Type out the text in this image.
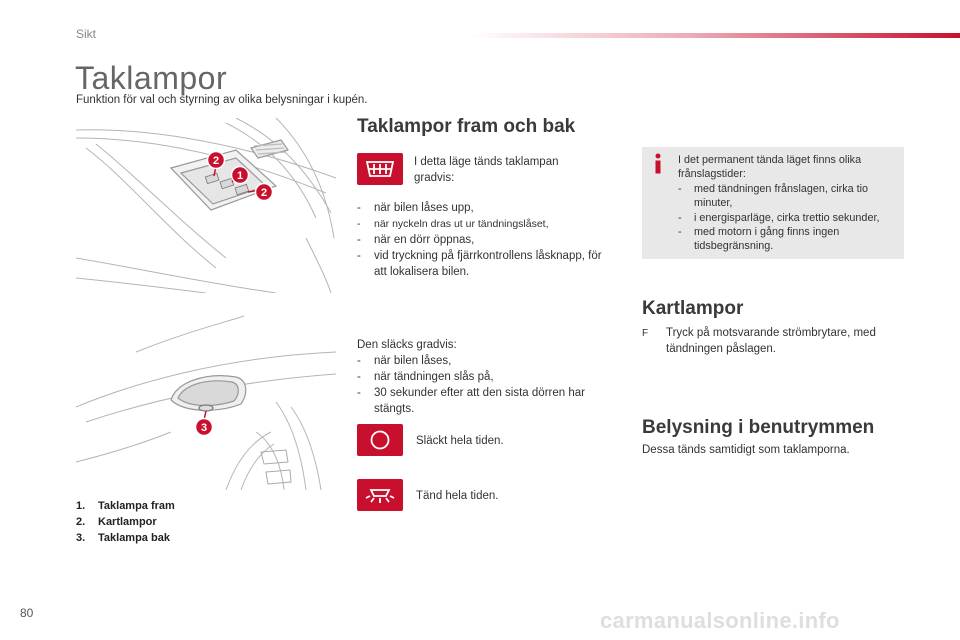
Sikt
Taklampor
Funktion för val och styrning av olika belysningar i kupén.
2
1
2
3
1.	Taklampa fram
2.	Kartlampor
3.	Taklampa bak
Taklampor fram och bak
I detta läge tänds taklampan gradvis:
-	när bilen låses upp,
-	när nyckeln dras ut ur tändningslåset,
-	när en dörr öppnas,
-	vid tryckning på fjärrkontrollens låsknapp, för att lokalisera bilen.
Den släcks gradvis:
-	när bilen låses,
-	när tändningen slås på,
-	30 sekunder efter att den sista dörren har stängts.
Släckt hela tiden.
Tänd hela tiden.
I det permanent tända läget finns olika frånslagstider:
-	med tändningen frånslagen, cirka tio minuter,
-	i energisparläge, cirka trettio sekunder,
-	med motorn i gång finns ingen tidsbegränsning.
Kartlampor
F	Tryck på motsvarande strömbrytare, med tändningen påslagen.
Belysning i benutrymmen
Dessa tänds samtidigt som taklamporna.
80	carmanualsonline.info
